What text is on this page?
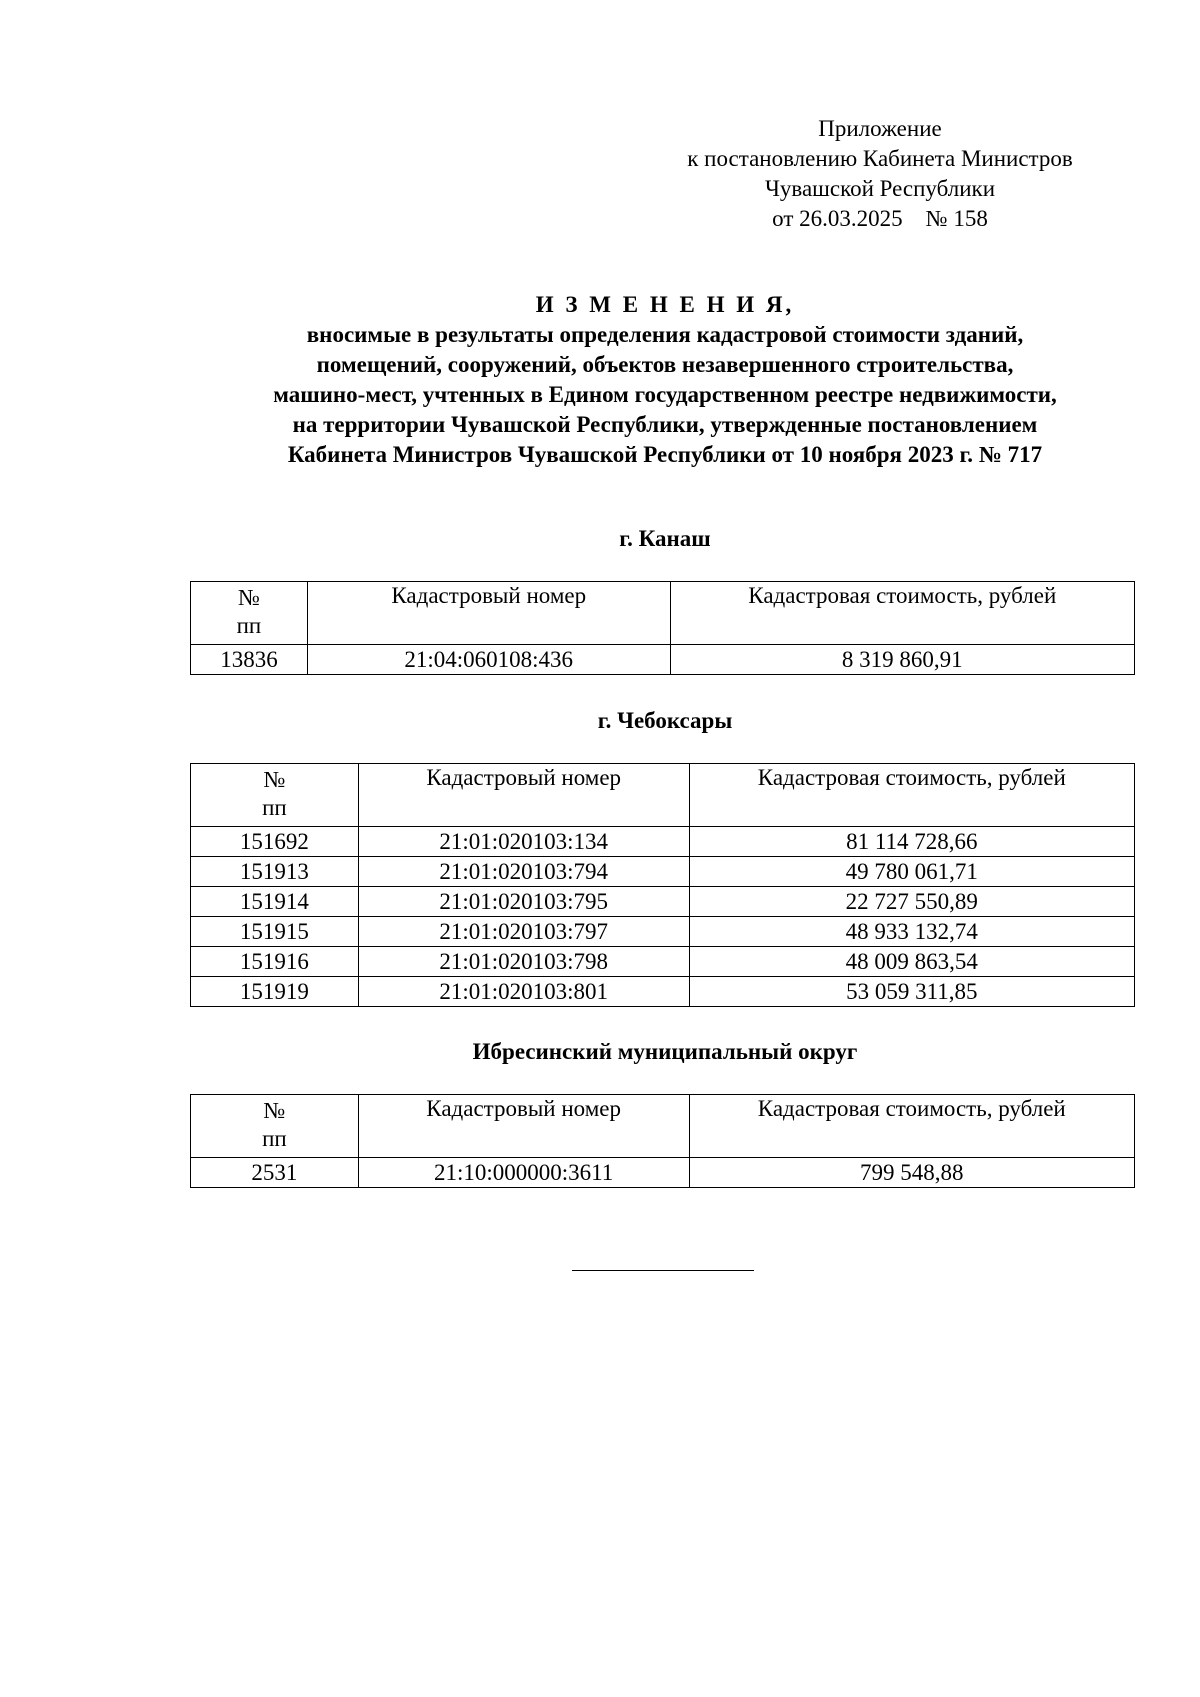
Приложение
к постановлению Кабинета Министров
Чувашской Республики
от 26.03.2025    № 158
И З М Е Н Е Н И Я,
вносимые в результаты определения кадастровой стоимости зданий,
помещений, сооружений, объектов незавершенного строительства,
машино-мест, учтенных в Едином государственном реестре недвижимости,
на территории Чувашской Республики, утвержденные постановлением
Кабинета Министров Чувашской Республики от 10 ноября 2023 г. № 717
г. Канаш
№
пп	Кадастровый номер	Кадастровая стоимость, рублей
13836	21:04:060108:436	8 319 860,91
г. Чебоксары
№
пп	Кадастровый номер	Кадастровая стоимость, рублей
151692	21:01:020103:134	81 114 728,66
151913	21:01:020103:794	49 780 061,71
151914	21:01:020103:795	22 727 550,89
151915	21:01:020103:797	48 933 132,74
151916	21:01:020103:798	48 009 863,54
151919	21:01:020103:801	53 059 311,85
Ибресинский муниципальный округ
№
пп	Кадастровый номер	Кадастровая стоимость, рублей
2531	21:10:000000:3611	799 548,88
